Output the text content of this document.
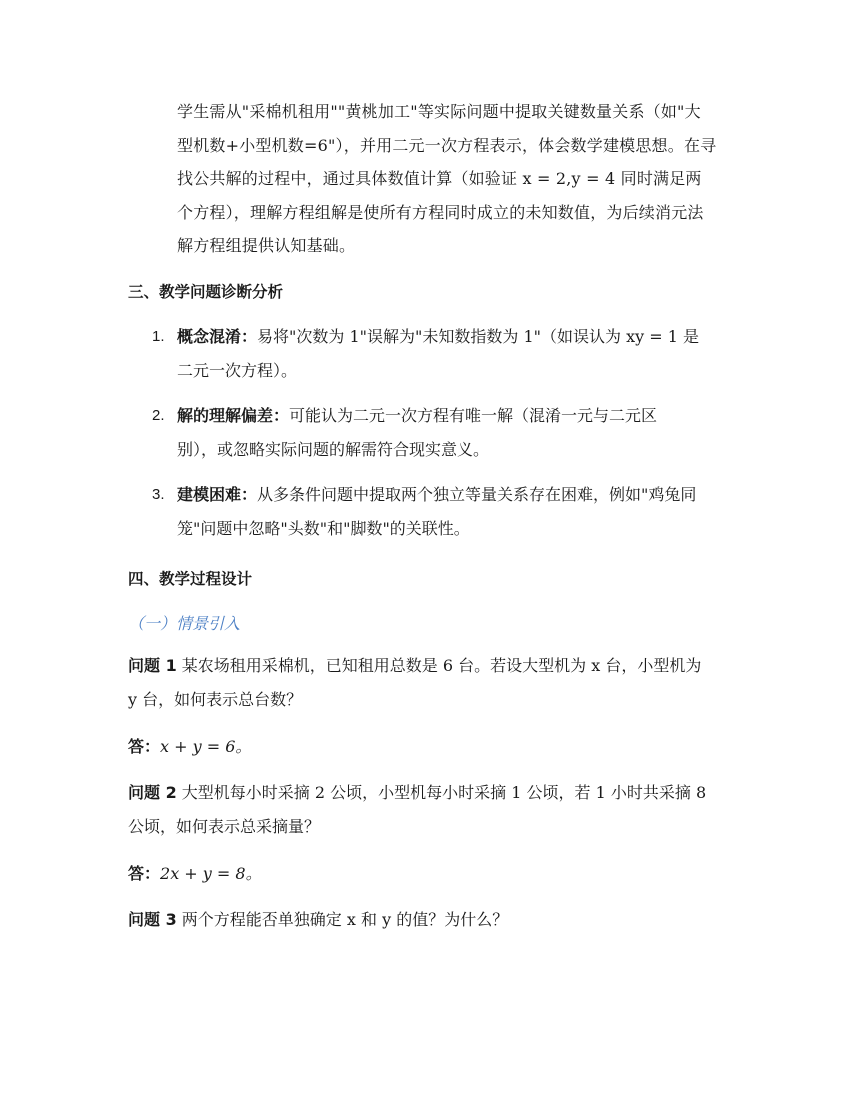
学生需从"采棉机租用""黄桃加工"等实际问题中提取关键数量关系（如"大
型机数+小型机数=6"），并用二元一次方程表示，体会数学建模思想。在寻
找公共解的过程中，通过具体数值计算（如验证 x = 2,y = 4 同时满足两
个方程），理解方程组解是使所有方程同时成立的未知数值，为后续消元法
解方程组提供认知基础。
三、教学问题诊断分析
1. 概念混淆：易将"次数为 1"误解为"未知数指数为 1"（如误认为 xy = 1 是
二元一次方程）。
2. 解的理解偏差：可能认为二元一次方程有唯一解（混淆一元与二元区
别），或忽略实际问题的解需符合现实意义。
3. 建模困难：从多条件问题中提取两个独立等量关系存在困难，例如"鸡兔同
笼"问题中忽略"头数"和"脚数"的关联性。
四、教学过程设计
（一）情景引入
问题 1 某农场租用采棉机，已知租用总数是 6 台。若设大型机为 x 台，小型机为
y 台，如何表示总台数？
答：x + y = 6。
问题 2 大型机每小时采摘 2 公顷，小型机每小时采摘 1 公顷，若 1 小时共采摘 8
公顷，如何表示总采摘量？
答：2x + y = 8。
问题 3 两个方程能否单独确定 x 和 y 的值？为什么？
